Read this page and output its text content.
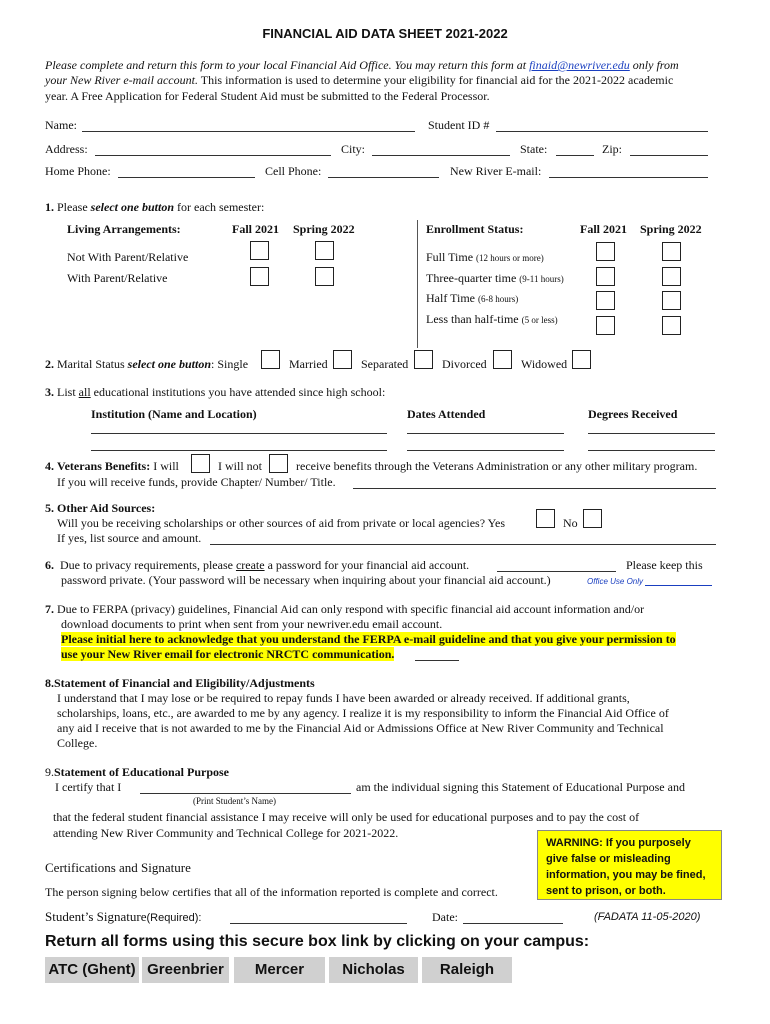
FINANCIAL AID DATA SHEET 2021-2022
Please complete and return this form to your local Financial Aid Office. You may return this form at finaid@newriver.edu only from
your New River e-mail account. This information is used to determine your eligibility for financial aid for the 2021-2022 academic
year. A Free Application for Federal Student Aid must be submitted to the Federal Processor.
Name:	Student ID #
Address:	City:	State:	Zip:
Home Phone:	Cell Phone:	New River E-mail:
1. Please select one button for each semester:
Living Arrangements:	Fall 2021 Spring 2022
Not With Parent/Relative
With Parent/Relative
Enrollment Status:	Fall 2021 Spring 2022
Full Time (12 hours or more)
Three-quarter time (9-11 hours)
Half Time (6-8 hours)
Less than half-time (5 or less)
2. Marital Status select one button: Single	Married	Separated	Divorced	Widowed
3. List all educational institutions you have attended since high school:
Institution (Name and Location)	Dates Attended	Degrees Received
4. Veterans Benefits: I will	I will not	receive benefits through the Veterans Administration or any other military program.
If you will receive funds, provide Chapter/ Number/ Title.
5. Other Aid Sources:
Will you be receiving scholarships or other sources of aid from private or local agencies? Yes	No
If yes, list source and amount.
6. Due to privacy requirements, please create a password for your financial aid account.	Please keep this
password private. (Your password will be necessary when inquiring about your financial aid account.)	Office Use Only
7. Due to FERPA (privacy) guidelines, Financial Aid can only respond with specific financial aid account information and/or
download documents to print when sent from your newriver.edu email account.
Please initial here to acknowledge that you understand the FERPA e-mail guideline and that you give your permission to
use your New River email for electronic NRCTC communication.
8.Statement of Financial and Eligibility/Adjustments
I understand that I may lose or be required to repay funds I have been awarded or already received. If additional grants,
scholarships, loans, etc., are awarded to me by any agency. I realize it is my responsibility to inform the Financial Aid Office of
any aid I receive that is not awarded to me by the Financial Aid or Admissions Office at New River Community and Technical
College.
9.Statement of Educational Purpose
I certify that I	am the individual signing this Statement of Educational Purpose and
(Print Student’s Name)
that the federal student financial assistance I may receive will only be used for educational purposes and to pay the cost of
attending New River Community and Technical College for 2021-2022.
WARNING: If you purposely give false or misleading information, you may be fined, sent to prison, or both.
Certifications and Signature
The person signing below certifies that all of the information reported is complete and correct.
Student’s Signature(Required):	Date:	(FADATA 11-05-2020)
Return all forms using this secure box link by clicking on your campus:
ATC (Ghent) Greenbrier	Mercer	Nicholas	Raleigh
